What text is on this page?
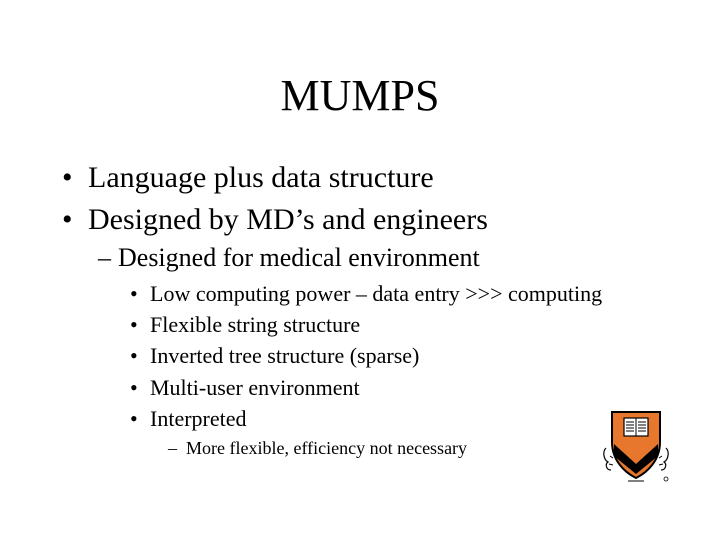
MUMPS
• Language plus data structure
• Designed by MD’s and engineers
– Designed for medical environment
• Low computing power – data entry >>> computing
• Flexible string structure
• Inverted tree structure (sparse)
• Multi-user environment
• Interpreted
– More flexible, efficiency not necessary
